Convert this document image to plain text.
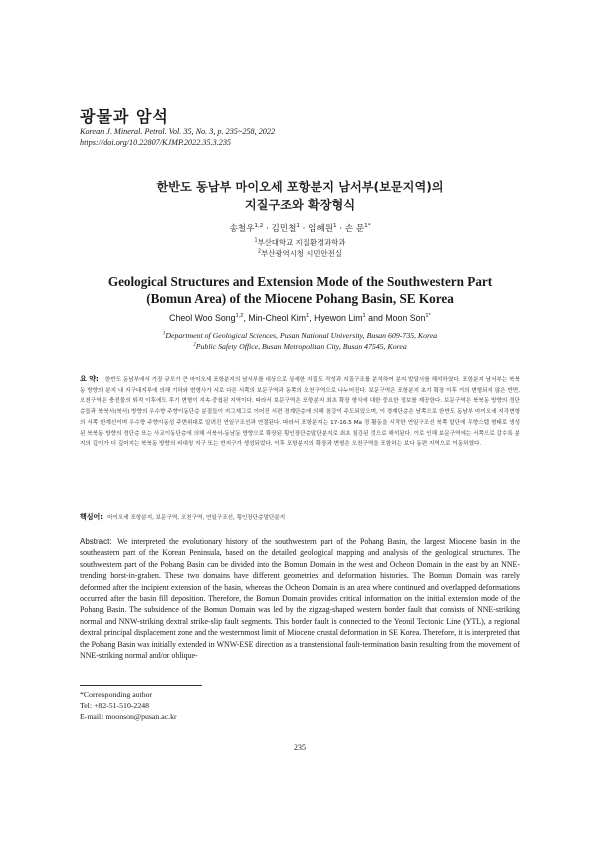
광물과 암석
Korean J. Mineral. Petrol. Vol. 35, No. 3, p. 235~258, 2022
https://doi.org/10.22807/KJMP.2022.35.3.235
한반도 동남부 마이오세 포항분지 남서부(보문지역)의
지질구조와 확장형식
송철우$^{1,2}$ · 김민철$^1$ · 임혜원$^1$ · 손 문$^{1*}$
$^1$부산대학교 지질환경과학과
$^2$부산광역시청 시민안전실
Geological Structures and Extension Mode of the Southwestern Part
(Bomun Area) of the Miocene Pohang Basin, SE Korea
Cheol Woo Song$^{1,2}$, Min-Cheol Kim$^1$, Hyewon Lim$^1$ and Moon Son$^{1*}$
$^1$Department of Geological Sciences, Pusan National University, Busan 609-735, Korea
$^2$Public Safety Office, Busan Metropolitan City, Busan 47545, Korea
요 약: 한반도 동남부에서 가장 규모가 큰 마이오세 포항분지의 남서부를 대상으로 상세한 지질도 작성과 지질구조를 분석하여 분지 발달사를 해석하였다. 포항분지 남서부는 북북동 방향의 분지 내 지구대지루에 의해 기하와 변형사가 서로 다른 서쪽의 보문구역과 동쪽의 오천구역으로 나누어진다. 보문구역은 포항분지 초기 확장 이후 거의 변형되지 않은 반면, 오천구역은 충전물의 퇴적 이후에도 후기 변형이 지속·중첩된 지역이다. 따라서 보문구역은 포항분지 최초 확장 형식에 대한 중요한 정보를 제공한다. 보문구역은 북북동 방향의 정단층들과 북북서(북서) 방향의 우수향 주향이동단층 분절들이 지그재그로 이어진 서편 경계단층에 의해 침강이 주도되었으며, 이 경계단층은 남쪽으로 한반도 동남부 마이오세 지각변형의 서쪽 한계선이며 우수향 주향이동성 주변위대로 알려진 연일구조선과 연결된다. 따라서 포항분지는 17-16.5 Ma 경 활동을 시작한 연일구조선 북쪽 말단에 우향스텝 형태로 생성된 북북동 방향의 정단층 또는 사교이동단층에 의해 서북서-동남동 방향으로 확장된 횡인장단층말단분지로 최초 침강된 것으로 해석된다. 이로 인해 보문구역에는 서쪽으로 갈수록 분지의 깊이가 더 깊어지는 북북동 방향의 비대칭 지구 또는 반지구가 생성되었다. 이후 포항분지의 확장과 변형은 오천구역을 포함하는 보다 동편 지역으로 이동하였다.
핵심어: 마이오세 포항분지, 보문구역, 오천구역, 연일구조선, 횡인장단층말단분지
Abstract: We interpreted the evolutionary history of the southwestern part of the Pohang Basin, the largest Miocene basin in the southeastern part of the Korean Peninsula, based on the detailed geological mapping and analysis of the geological structures. The southwestern part of the Pohang Basin can be divided into the Bomun Domain in the west and Ocheon Domain in the east by an NNE-trending horst-in-graben. These two domains have different geometries and deformation histories. The Bomun Domain was rarely deformed after the incipient extension of the basin, whereas the Ocheon Domain is an area where continued and overlapped deformations occurred after the basin fill deposition. Therefore, the Bomun Domain provides critical information on the initial extension mode of the Pohang Basin. The subsidence of the Bomun Domain was led by the zigzag-shaped western border fault that consists of NNE-striking normal and NNW-striking dextral strike-slip fault segments. This border fault is connected to the Yeonil Tectonic Line (YTL), a regional dextral principal displacement zone and the westernmost limit of Miocene crustal deformation in SE Korea. Therefore, it is interpreted that the Pohang Basin was initially extended in WNW-ESE direction as a transtensional fault-termination basin resulting from the movement of NNE-striking normal and/or oblique-
*Corresponding author
Tel: +82-51-510-2248
E-mail: moonson@pusan.ac.kr
235
